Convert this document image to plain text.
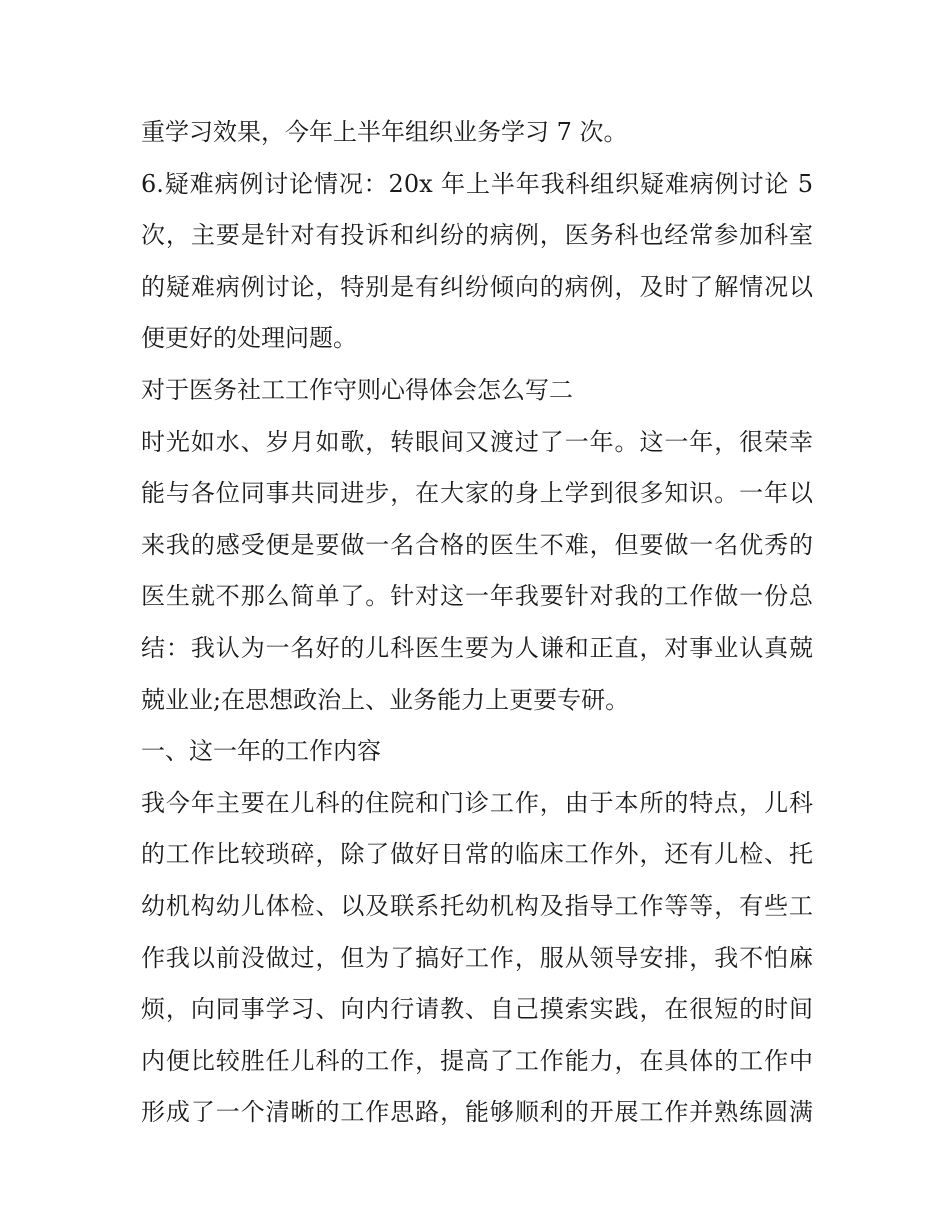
重学习效果，今年上半年组织业务学习 7 次。
6.疑难病例讨论情况：20x 年上半年我科组织疑难病例讨论 5
次，主要是针对有投诉和纠纷的病例，医务科也经常参加科室
的疑难病例讨论，特别是有纠纷倾向的病例，及时了解情况以
便更好的处理问题。
对于医务社工工作守则心得体会怎么写二
时光如水、岁月如歌，转眼间又渡过了一年。这一年，很荣幸
能与各位同事共同进步，在大家的身上学到很多知识。一年以
来我的感受便是要做一名合格的医生不难，但要做一名优秀的
医生就不那么简单了。针对这一年我要针对我的工作做一份总
结：我认为一名好的儿科医生要为人谦和正直，对事业认真兢
兢业业;在思想政治上、业务能力上更要专研。
一、这一年的工作内容
我今年主要在儿科的住院和门诊工作，由于本所的特点，儿科
的工作比较琐碎，除了做好日常的临床工作外，还有儿检、托
幼机构幼儿体检、以及联系托幼机构及指导工作等等，有些工
作我以前没做过，但为了搞好工作，服从领导安排，我不怕麻
烦，向同事学习、向内行请教、自己摸索实践，在很短的时间
内便比较胜任儿科的工作，提高了工作能力，在具体的工作中
形成了一个清晰的工作思路，能够顺利的开展工作并熟练圆满
